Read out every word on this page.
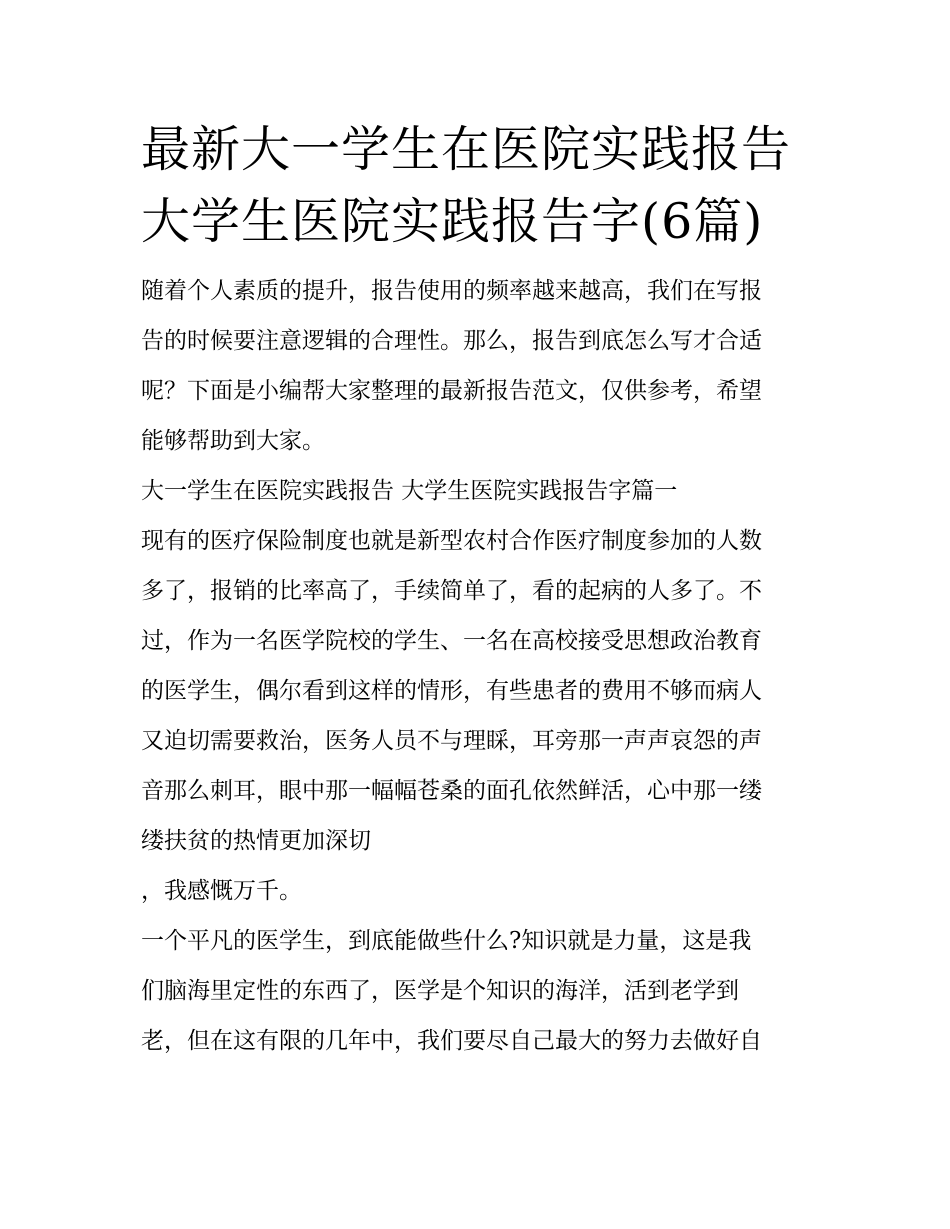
最新大一学生在医院实践报告
大学生医院实践报告字(6篇)

随着个人素质的提升，报告使用的频率越来越高，我们在写报
告的时候要注意逻辑的合理性。那么，报告到底怎么写才合适
呢？下面是小编帮大家整理的最新报告范文，仅供参考，希望
能够帮助到大家。

大一学生在医院实践报告 大学生医院实践报告字篇一

现有的医疗保险制度也就是新型农村合作医疗制度参加的人数
多了，报销的比率高了，手续简单了，看的起病的人多了。不
过，作为一名医学院校的学生、一名在高校接受思想政治教育
的医学生，偶尔看到这样的情形，有些患者的费用不够而病人
又迫切需要救治，医务人员不与理睬，耳旁那一声声哀怨的声
音那么刺耳，眼中那一幅幅苍桑的面孔依然鲜活，心中那一缕
缕扶贫的热情更加深切

，我感慨万千。

一个平凡的医学生，到底能做些什么?知识就是力量，这是我
们脑海里定性的东西了，医学是个知识的海洋，活到老学到
老，但在这有限的几年中，我们要尽自己最大的努力去做好自
